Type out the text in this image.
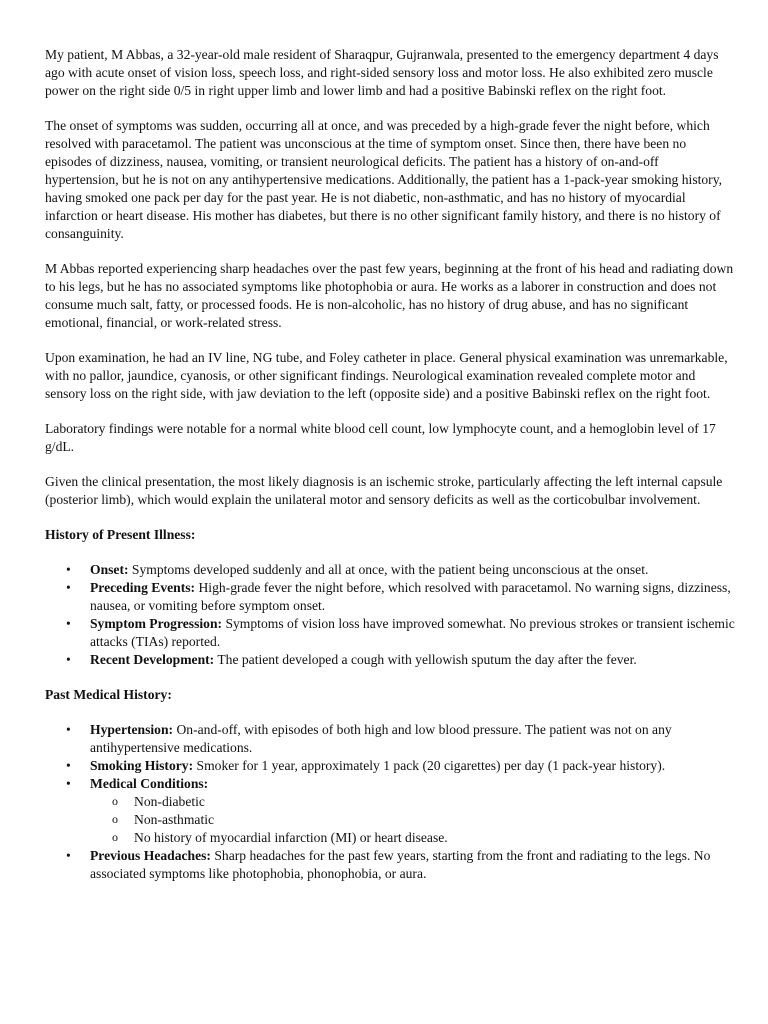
My patient, M Abbas, a 32-year-old male resident of Sharaqpur, Gujranwala, presented to the emergency department 4 days ago with acute onset of vision loss, speech loss, and right-sided sensory loss and motor loss. He also exhibited zero muscle power on the right side 0/5 in right upper limb and lower limb and had a positive Babinski reflex on the right foot.

The onset of symptoms was sudden, occurring all at once, and was preceded by a high-grade fever the night before, which resolved with paracetamol. The patient was unconscious at the time of symptom onset. Since then, there have been no episodes of dizziness, nausea, vomiting, or transient neurological deficits. The patient has a history of on-and-off hypertension, but he is not on any antihypertensive medications. Additionally, the patient has a 1-pack-year smoking history, having smoked one pack per day for the past year. He is not diabetic, non-asthmatic, and has no history of myocardial infarction or heart disease. His mother has diabetes, but there is no other significant family history, and there is no history of consanguinity.

M Abbas reported experiencing sharp headaches over the past few years, beginning at the front of his head and radiating down to his legs, but he has no associated symptoms like photophobia or aura. He works as a laborer in construction and does not consume much salt, fatty, or processed foods. He is non-alcoholic, has no history of drug abuse, and has no significant emotional, financial, or work-related stress.

Upon examination, he had an IV line, NG tube, and Foley catheter in place. General physical examination was unremarkable, with no pallor, jaundice, cyanosis, or other significant findings. Neurological examination revealed complete motor and sensory loss on the right side, with jaw deviation to the left (opposite side) and a positive Babinski reflex on the right foot.

Laboratory findings were notable for a normal white blood cell count, low lymphocyte count, and a hemoglobin level of 17 g/dL.

Given the clinical presentation, the most likely diagnosis is an ischemic stroke, particularly affecting the left internal capsule (posterior limb), which would explain the unilateral motor and sensory deficits as well as the corticobulbar involvement.

History of Present Illness:
• Onset: Symptoms developed suddenly and all at once, with the patient being unconscious at the onset.
• Preceding Events: High-grade fever the night before, which resolved with paracetamol. No warning signs, dizziness, nausea, or vomiting before symptom onset.
• Symptom Progression: Symptoms of vision loss have improved somewhat. No previous strokes or transient ischemic attacks (TIAs) reported.
• Recent Development: The patient developed a cough with yellowish sputum the day after the fever.
Past Medical History:
• Hypertension: On-and-off, with episodes of both high and low blood pressure. The patient was not on any antihypertensive medications.
• Smoking History: Smoker for 1 year, approximately 1 pack (20 cigarettes) per day (1 pack-year history).
• Medical Conditions:
o Non-diabetic
o Non-asthmatic
o No history of myocardial infarction (MI) or heart disease.
• Previous Headaches: Sharp headaches for the past few years, starting from the front and radiating to the legs. No associated symptoms like photophobia, phonophobia, or aura.
